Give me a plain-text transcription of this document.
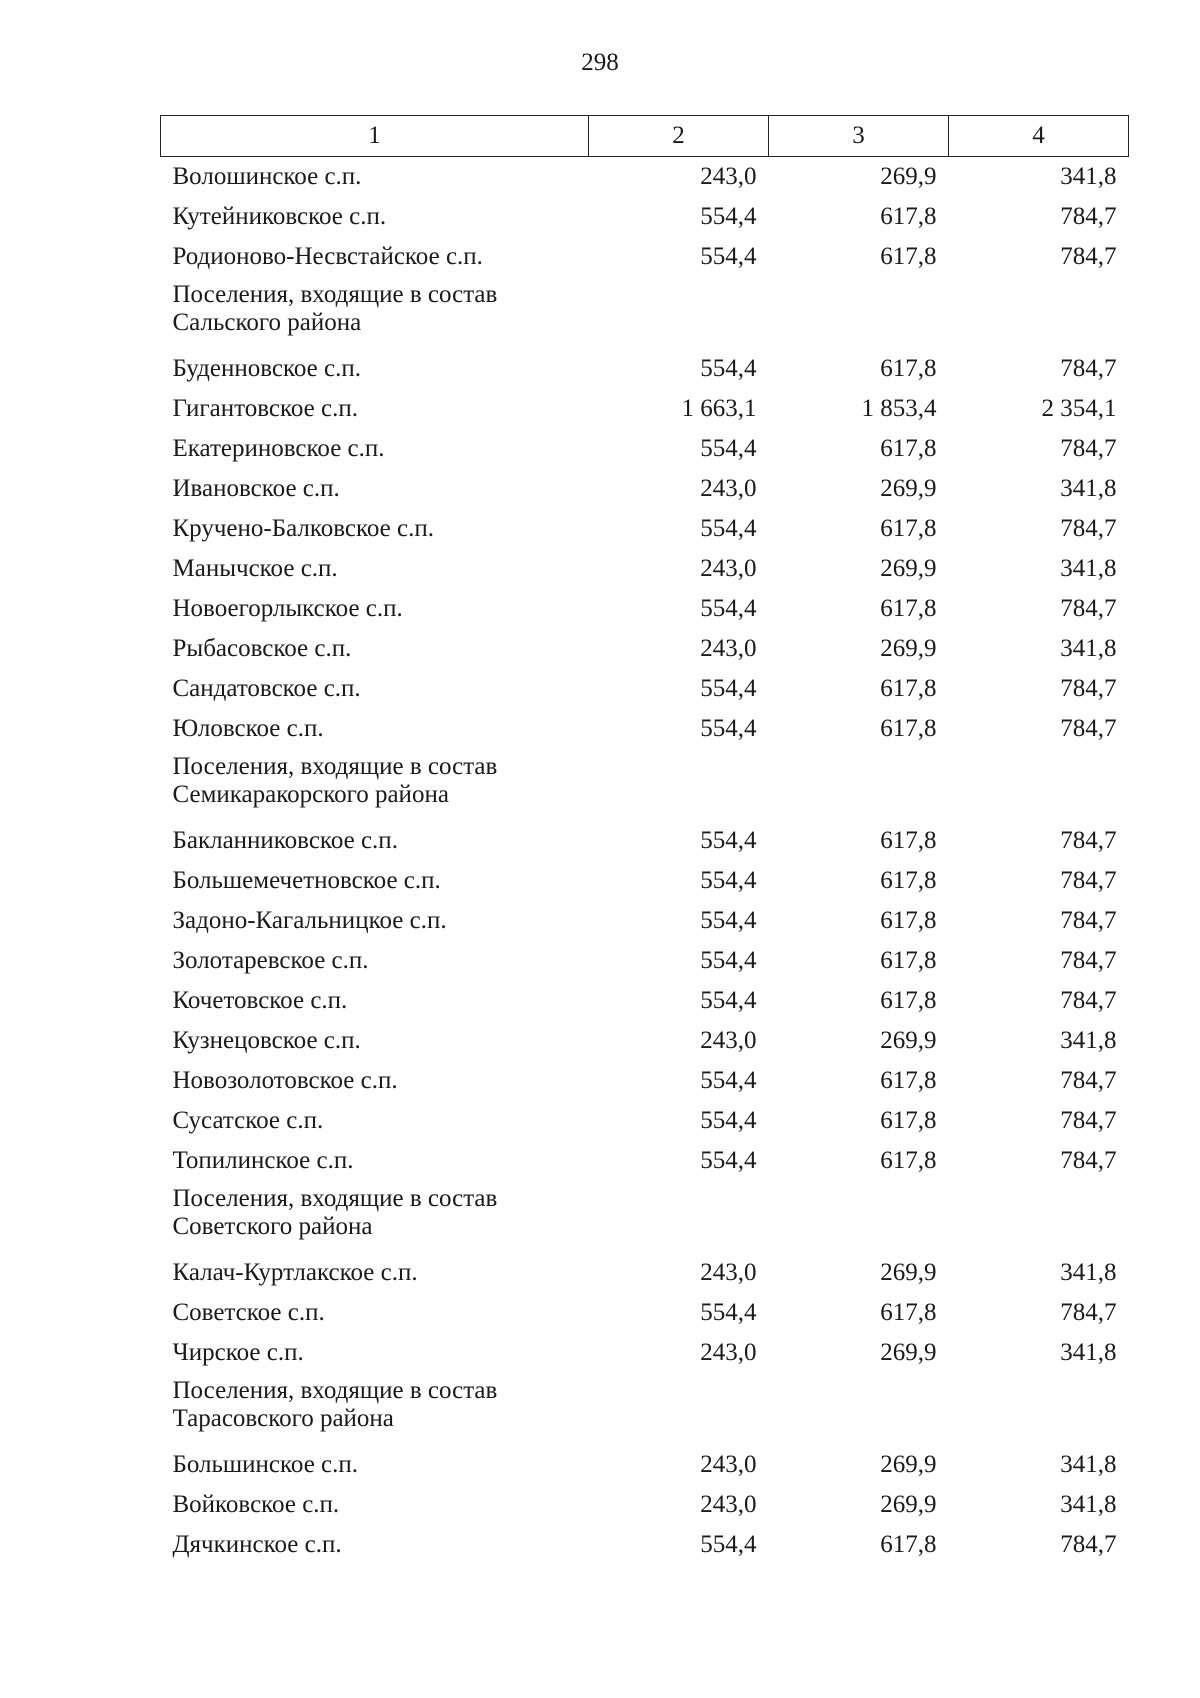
298
1	2	3	4
Волошинское с.п.	243,0	269,9	341,8
Кутейниковское с.п.	554,4	617,8	784,7
Родионово-Несвстайское с.п.	554,4	617,8	784,7

Поселения, входящие в состав
Сальского района			

Буденновское с.п.	554,4	617,8	784,7
Гигантовское с.п.	1 663,1	1 853,4	2 354,1
Екатериновское с.п.	554,4	617,8	784,7
Ивановское с.п.	243,0	269,9	341,8
Кручено-Балковское с.п.	554,4	617,8	784,7
Манычское с.п.	243,0	269,9	341,8
Новоегорлыкское с.п.	554,4	617,8	784,7
Рыбасовское с.п.	243,0	269,9	341,8
Сандатовское с.п.	554,4	617,8	784,7
Юловское с.п.	554,4	617,8	784,7

Поселения, входящие в состав
Семикаракорского района			

Бакланниковское с.п.	554,4	617,8	784,7
Большемечетновское с.п.	554,4	617,8	784,7
Задоно-Кагальницкое с.п.	554,4	617,8	784,7
Золотаревское с.п.	554,4	617,8	784,7
Кочетовское с.п.	554,4	617,8	784,7
Кузнецовское с.п.	243,0	269,9	341,8
Новозолотовское с.п.	554,4	617,8	784,7
Сусатское с.п.	554,4	617,8	784,7
Топилинское с.п.	554,4	617,8	784,7

Поселения, входящие в состав
Советского района			

Калач-Куртлакское с.п.	243,0	269,9	341,8
Советское с.п.	554,4	617,8	784,7
Чирское с.п.	243,0	269,9	341,8

Поселения, входящие в состав
Тарасовского района			

Большинское с.п.	243,0	269,9	341,8
Войковское с.п.	243,0	269,9	341,8
Дячкинское с.п.	554,4	617,8	784,7
